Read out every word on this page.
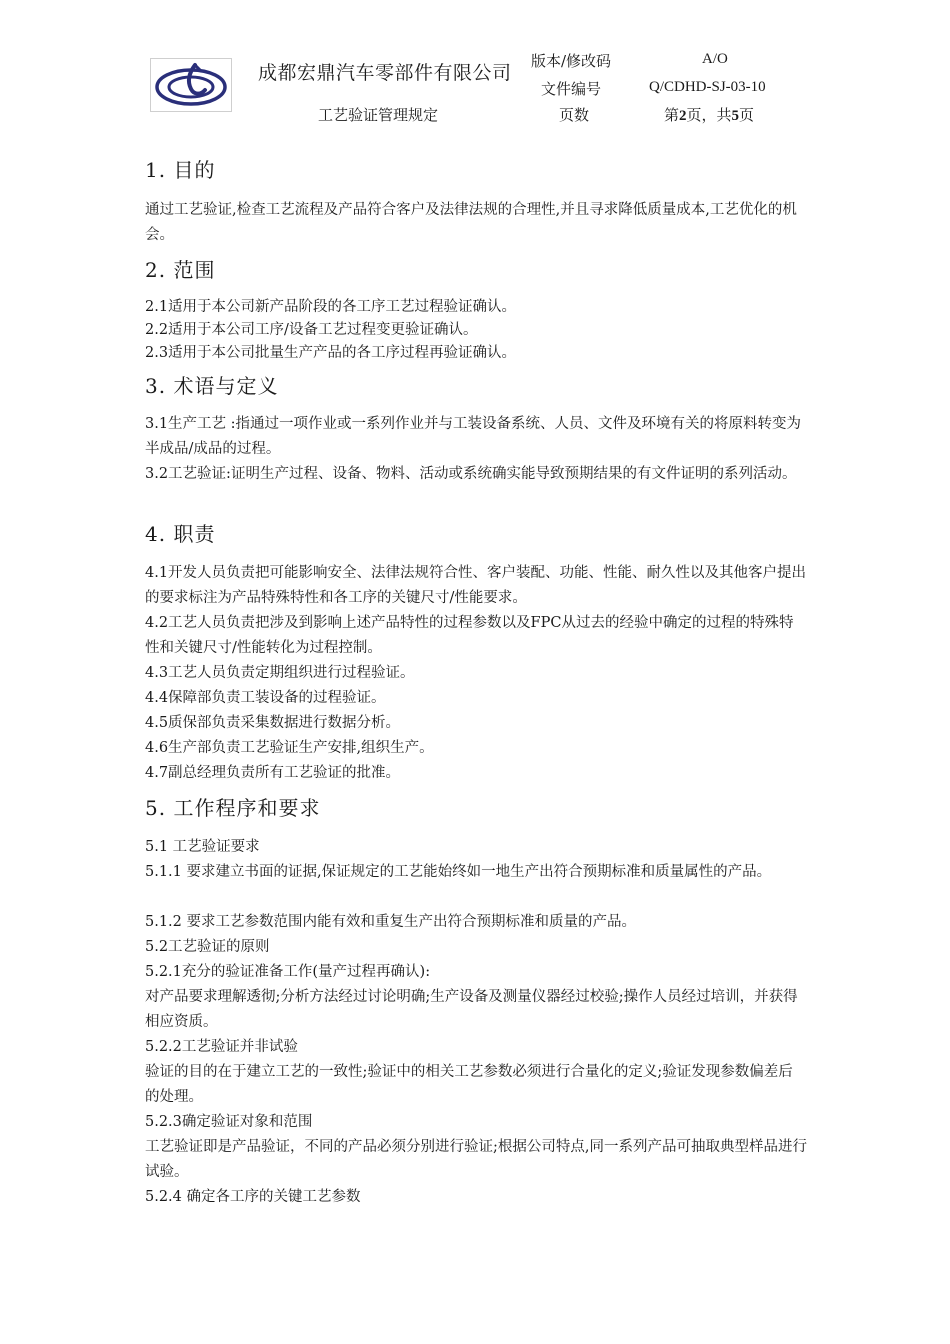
成都宏鼎汽车零部件有限公司
工艺验证管理规定
版本/修改码	A/O
文件编号	Q/CDHD-SJ-03-10
页数	第2页，共5页
1. 目的
通过工艺验证,检查工艺流程及产品符合客户及法律法规的合理性,并且寻求降低质量成本,工艺优化的机会。
2. 范围
2.1适用于本公司新产品阶段的各工序工艺过程验证确认。
2.2适用于本公司工序/设备工艺过程变更验证确认。
2.3适用于本公司批量生产产品的各工序过程再验证确认。
3. 术语与定义
3.1生产工艺 :指通过一项作业或一系列作业并与工装设备系统、人员、文件及环境有关的将原料转变为半成品/成品的过程。
3.2工艺验证:证明生产过程、设备、物料、活动或系统确实能导致预期结果的有文件证明的系列活动。
4. 职责
4.1开发人员负责把可能影响安全、法律法规符合性、客户装配、功能、性能、耐久性以及其他客户提出的要求标注为产品特殊特性和各工序的关键尺寸/性能要求。
4.2工艺人员负责把涉及到影响上述产品特性的过程参数以及FPC从过去的经验中确定的过程的特殊特性和关键尺寸/性能转化为过程控制。
4.3工艺人员负责定期组织进行过程验证。
4.4保障部负责工装设备的过程验证。
4.5质保部负责采集数据进行数据分析。
4.6生产部负责工艺验证生产安排,组织生产。
4.7副总经理负责所有工艺验证的批准。
5. 工作程序和要求
5.1 工艺验证要求
5.1.1 要求建立书面的证据,保证规定的工艺能始终如一地生产出符合预期标准和质量属性的产品。
5.1.2 要求工艺参数范围内能有效和重复生产出符合预期标准和质量的产品。
5.2工艺验证的原则
5.2.1充分的验证准备工作(量产过程再确认):
对产品要求理解透彻;分析方法经过讨论明确;生产设备及测量仪器经过校验;操作人员经过培训，并获得相应资质。
5.2.2工艺验证并非试验
验证的目的在于建立工艺的一致性;验证中的相关工艺参数必须进行合量化的定义;验证发现参数偏差后的处理。
5.2.3确定验证对象和范围
工艺验证即是产品验证，不同的产品必须分别进行验证;根据公司特点,同一系列产品可抽取典型样品进行试验。
5.2.4 确定各工序的关键工艺参数
